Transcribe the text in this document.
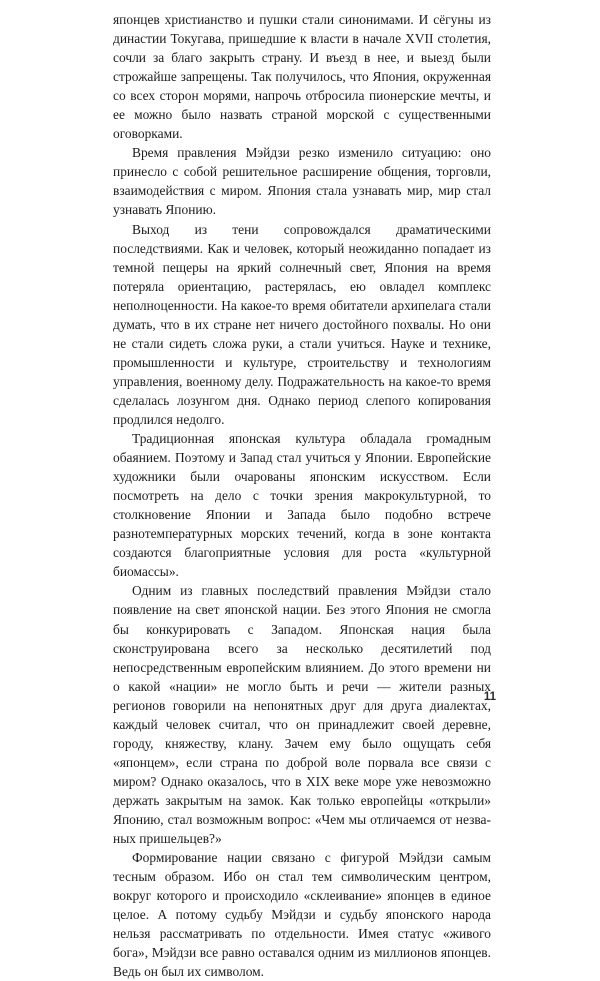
японцев христианство и пушки стали синонимами. И сёгуны из династии Токугава, пришедшие к власти в начале XVII столетия, сочли за благо закрыть страну. И въезд в нее, и выезд были строжайше запрещены. Так получилось, что Япония, окруженная со всех сторон морями, напрочь отбросила пионерские мечты, и ее можно было назвать страной морской с существенными оговорками.

Время правления Мэйдзи резко изменило ситуацию: оно принесло с собой решительное расширение общения, торговли, взаимодействия с миром. Япония стала узнавать мир, мир стал узнавать Японию.

Выход из тени сопровождался драматическими последствиями. Как и человек, который неожиданно попадает из темной пещеры на яркий солнечный свет, Япония на время потеряла ориентацию, растерялась, ею овладел комплекс неполноценности. На какое-то время обитатели архипелага стали думать, что в их стране нет ничего достойного похвалы. Но они не стали сидеть сложа руки, а стали учиться. Науке и технике, промышленности и культуре, строительству и технологиям управления, военному делу. Подражательность на какое-то время сделалась лозунгом дня. Однако период слепого копирования продлился недолго.

Традиционная японская культура обладала громадным обаянием. Поэтому и Запад стал учиться у Японии. Европейские художники были очарованы японским искусством. Если посмотреть на дело с точки зрения макрокультурной, то столкновение Японии и Запада было подобно встрече разнотемпературных морских течений, когда в зоне контакта создаются благоприятные условия для роста «культурной биомассы».

Одним из главных последствий правления Мэйдзи стало появление на свет японской нации. Без этого Япония не смогла бы конкурировать с Западом. Японская нация была сконструирована всего за несколько десятилетий под непосредственным европейским влиянием. До этого времени ни о какой «нации» не могло быть и речи — жители разных регионов говорили на непонятных друг для друга диалектах, каждый человек считал, что он принадлежит своей деревне, городу, княжеству, клану. Зачем ему было ощущать себя «японцем», если страна по доброй воле порвала все связи с миром? Однако оказалось, что в XIX веке море уже невозможно держать закрытым на замок. Как только европейцы «открыли» Японию, стал возможным вопрос: «Чем мы отличаемся от незваных пришельцев?»

Формирование нации связано с фигурой Мэйдзи самым тесным образом. Ибо он стал тем символическим центром, вокруг которого и происходило «склеивание» японцев в единое целое. А потому судьбу Мэйдзи и судьбу японского народа нельзя рассматривать по отдельности. Имея статус «живого бога», Мэйдзи все равно оставался одним из миллионов японцев. Ведь он был их символом.

11
